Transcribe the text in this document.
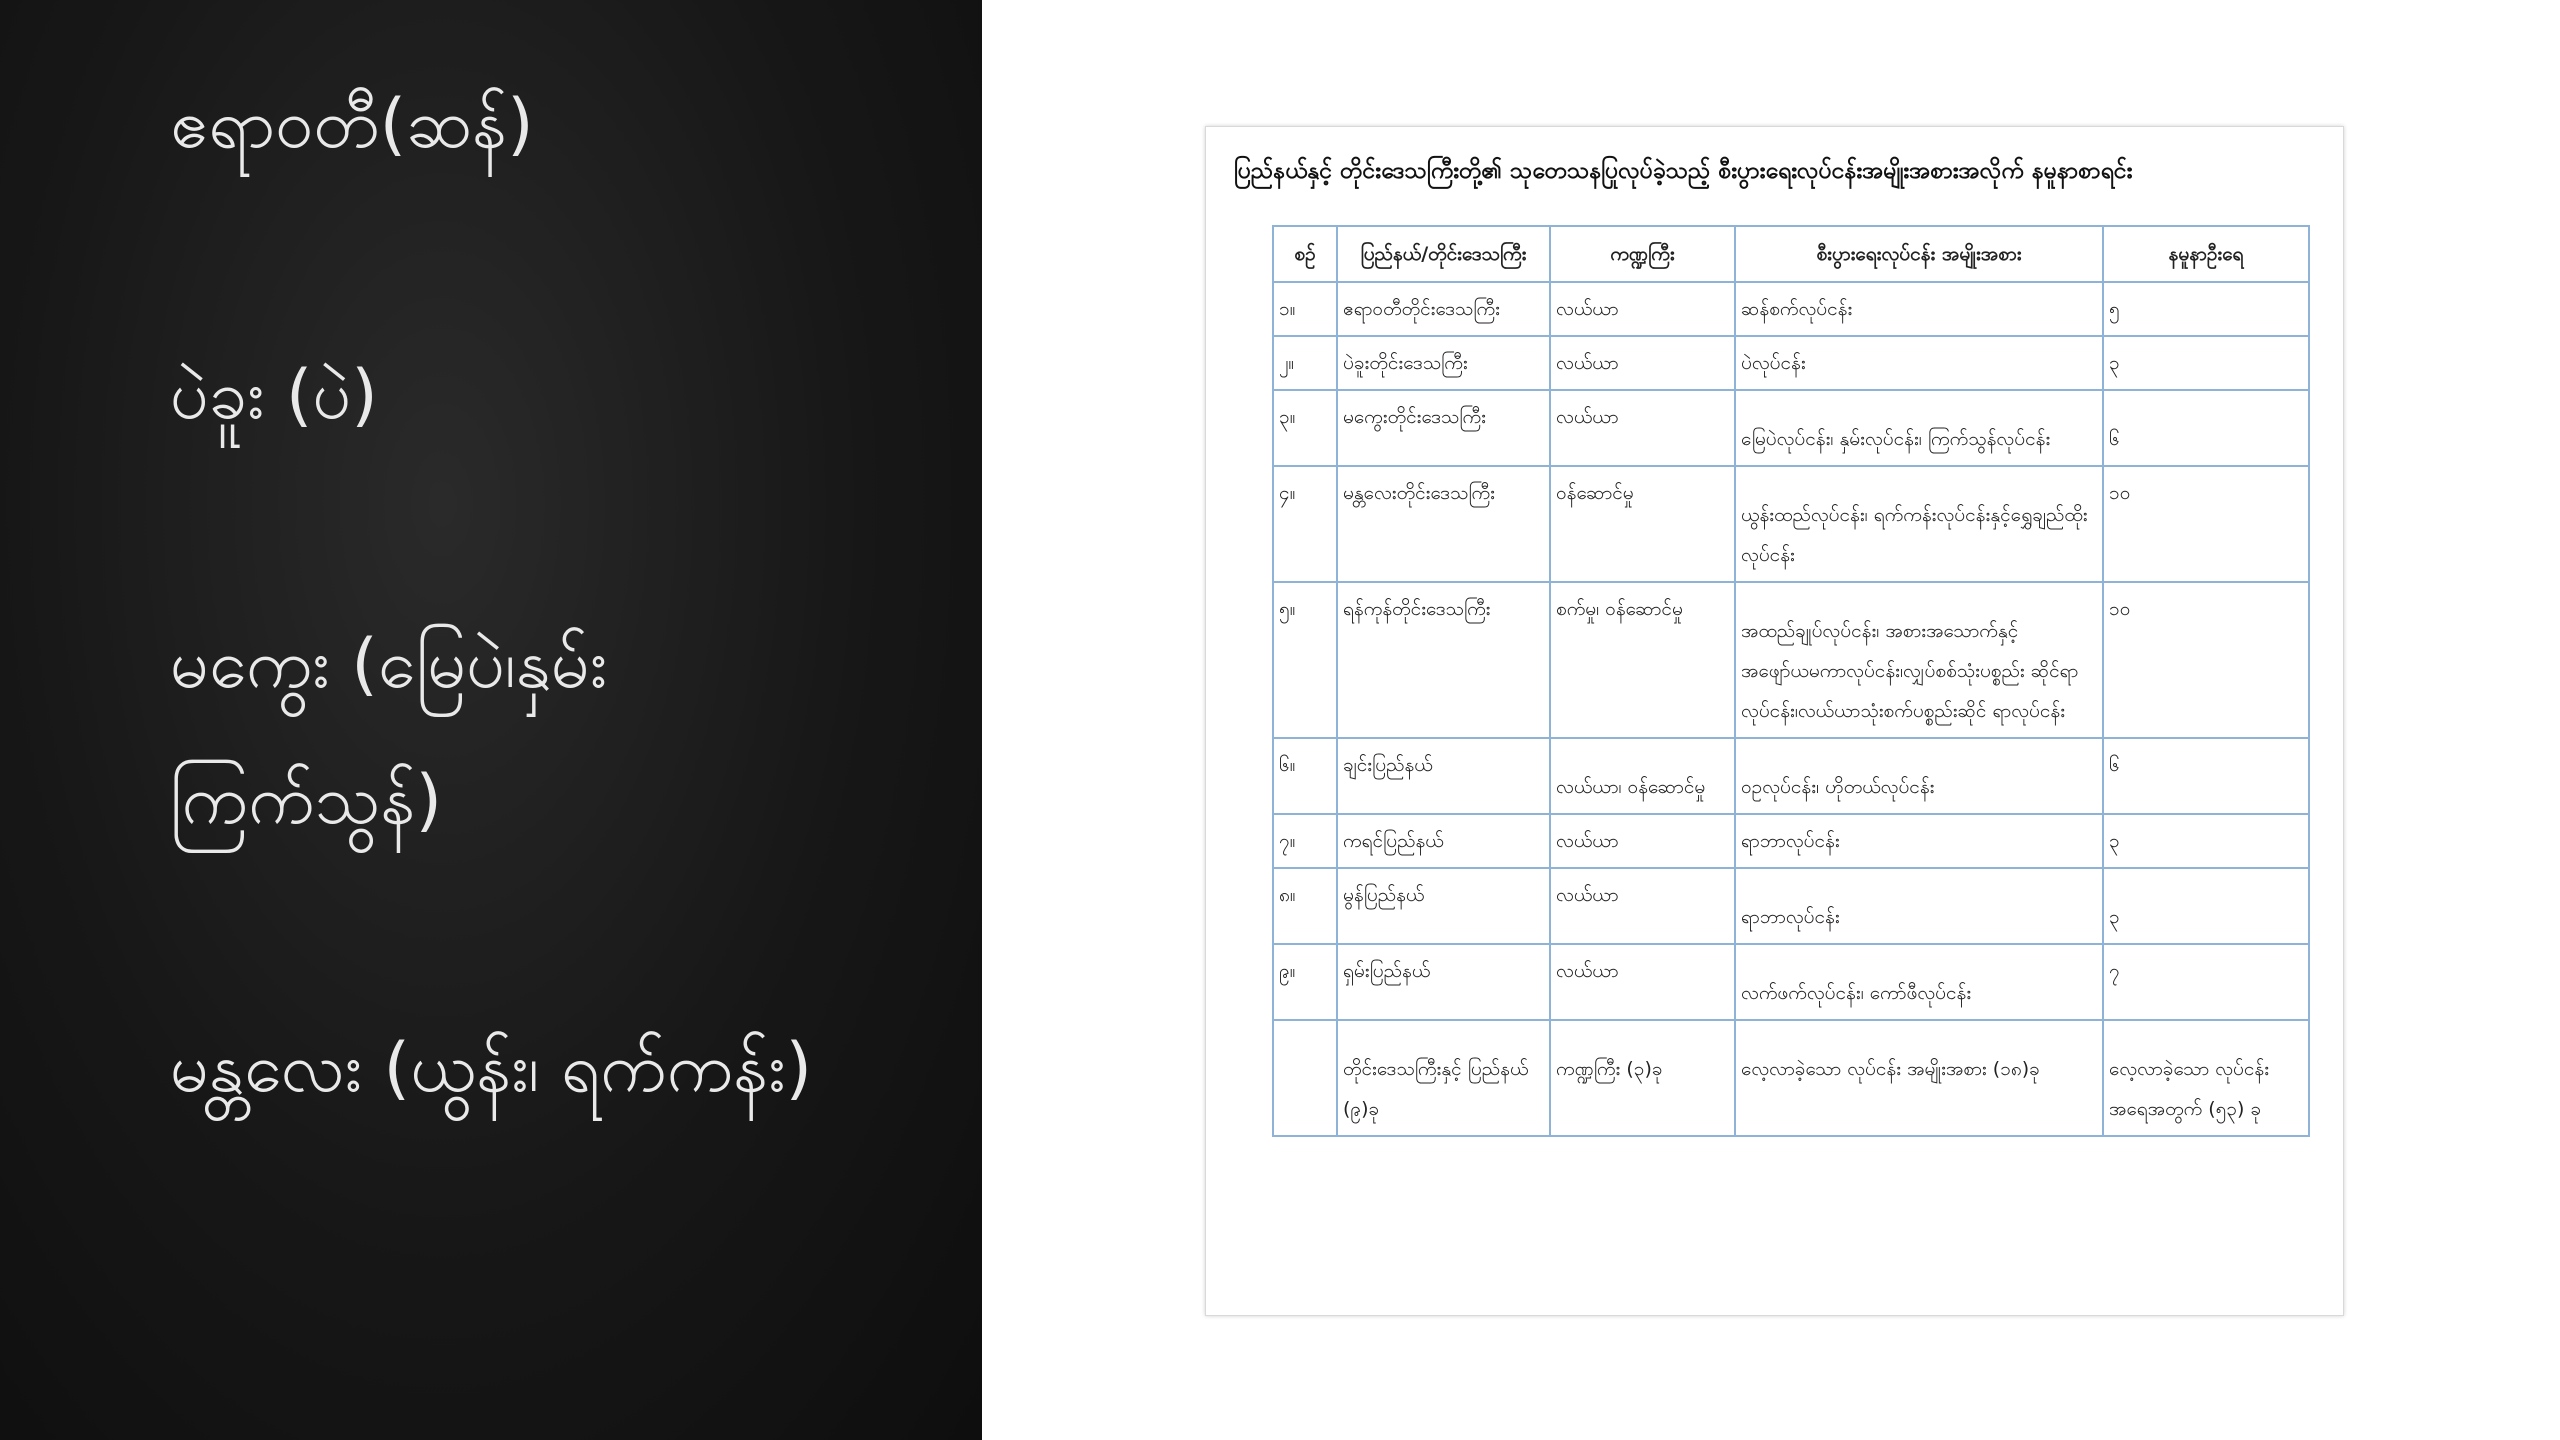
ဧရာဝတီ(ဆန်)
ပဲခူး (ပဲ)
မကွေး (မြေပဲ၊နှမ်း
ကြက်သွန်)
မန္တလေး (ယွန်း၊ ရက်ကန်း)
ပြည်နယ်နှင့် တိုင်းဒေသကြီးတို့၏ သုတေသနပြုလုပ်ခဲ့သည့် စီးပွားရေးလုပ်ငန်းအမျိုးအစားအလိုက် နမူနာစာရင်း
စဉ်	ပြည်နယ်/တိုင်းဒေသကြီး	ကဏ္ဍကြီး	စီးပွားရေးလုပ်ငန်း အမျိုးအစား	နမူနာဦးရေ
၁။	ဧရာဝတီတိုင်းဒေသကြီး	လယ်ယာ	ဆန်စက်လုပ်ငန်း	၅
၂။	ပဲခူးတိုင်းဒေသကြီး	လယ်ယာ	ပဲလုပ်ငန်း	၃
၃။	မကွေးတိုင်းဒေသကြီး	လယ်ယာ	မြေပဲလုပ်ငန်း၊ နှမ်းလုပ်ငန်း၊ ကြက်သွန်လုပ်ငန်း	၆
၄။	မန္တလေးတိုင်းဒေသကြီး	ဝန်ဆောင်မှု	ယွန်းထည်လုပ်ငန်း၊ ရက်ကန်းလုပ်ငန်းနှင့်ရွှေချည်ထိုးလုပ်ငန်း	၁၀
၅။	ရန်ကုန်တိုင်းဒေသကြီး	စက်မှု၊ ဝန်ဆောင်မှု	အထည်ချုပ်လုပ်ငန်း၊ အစားအသောက်နှင့် အဖျော်ယမကာလုပ်ငန်း၊လျှပ်စစ်သုံးပစ္စည်း ဆိုင်ရာလုပ်ငန်း၊လယ်ယာသုံးစက်ပစ္စည်းဆိုင် ရာလုပ်ငန်း	၁၀
၆။	ချင်းပြည်နယ်	လယ်ယာ၊ ဝန်ဆောင်မှု	ဝဥလုပ်ငန်း၊ ဟိုတယ်လုပ်ငန်း	၆
၇။	ကရင်ပြည်နယ်	လယ်ယာ	ရာဘာလုပ်ငန်း	၃
၈။	မွန်ပြည်နယ်	လယ်ယာ	ရာဘာလုပ်ငန်း	၃
၉။	ရှမ်းပြည်နယ်	လယ်ယာ	လက်ဖက်လုပ်ငန်း၊ ကော်ဖီလုပ်ငန်း	၇
	တိုင်းဒေသကြီးနှင့် ပြည်နယ် (၉)ခု	ကဏ္ဍကြီး (၃)ခု	လေ့လာခဲ့သော လုပ်ငန်း အမျိုးအစား (၁၈)ခု	လေ့လာခဲ့သော လုပ်ငန်းအရေအတွက် (၅၃) ခု
